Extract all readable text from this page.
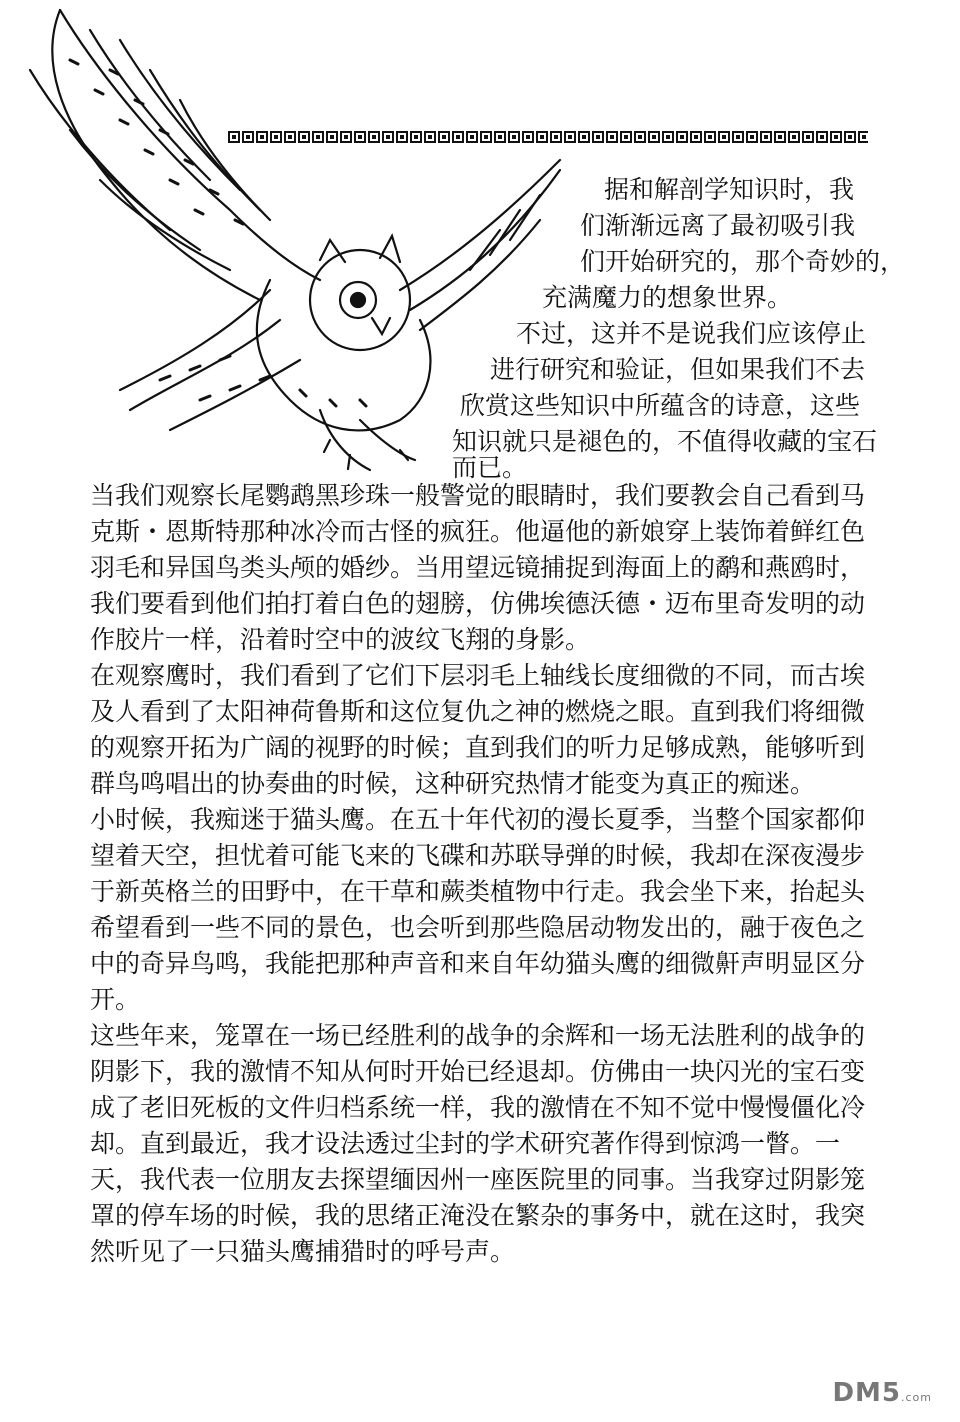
据和解剖学知识时，我
们渐渐远离了最初吸引我
们开始研究的，那个奇妙的，
充满魔力的想象世界。
不过，这并不是说我们应该停止
进行研究和验证，但如果我们不去
欣赏这些知识中所蕴含的诗意，这些
知识就只是褪色的，不值得收藏的宝石
而已。

当我们观察长尾鹦鹉黑珍珠一般警觉的眼睛时，我们要教会自己看到马克斯・恩斯特那种冰冷而古怪的疯狂。他逼他的新娘穿上装饰着鲜红色羽毛和异国鸟类头颅的婚纱。当用望远镜捕捉到海面上的鹬和燕鸥时，我们要看到他们拍打着白色的翅膀，仿佛埃德沃德・迈布里奇发明的动作胶片一样，沿着时空中的波纹飞翔的身影。

在观察鹰时，我们看到了它们下层羽毛上轴线长度细微的不同，而古埃及人看到了太阳神荷鲁斯和这位复仇之神的燃烧之眼。直到我们将细微的观察开拓为广阔的视野的时候；直到我们的听力足够成熟，能够听到群鸟鸣唱出的协奏曲的时候，这种研究热情才能变为真正的痴迷。

小时候，我痴迷于猫头鹰。在五十年代初的漫长夏季，当整个国家都仰望着天空，担忧着可能飞来的飞碟和苏联导弹的时候，我却在深夜漫步于新英格兰的田野中，在干草和蕨类植物中行走。我会坐下来，抬起头希望看到一些不同的景色，也会听到那些隐居动物发出的，融于夜色之中的奇异鸟鸣，我能把那种声音和来自年幼猫头鹰的细微鼾声明显区分开。

这些年来，笼罩在一场已经胜利的战争的余辉和一场无法胜利的战争的阴影下，我的激情不知从何时开始已经退却。仿佛由一块闪光的宝石变成了老旧死板的文件归档系统一样，我的激情在不知不觉中慢慢僵化冷却。直到最近，我才设法透过尘封的学术研究著作得到惊鸿一瞥。一天，我代表一位朋友去探望缅因州一座医院里的同事。当我穿过阴影笼罩的停车场的时候，我的思绪正淹没在繁杂的事务中，就在这时，我突然听见了一只猫头鹰捕猎时的呼号声。

DM5.com
